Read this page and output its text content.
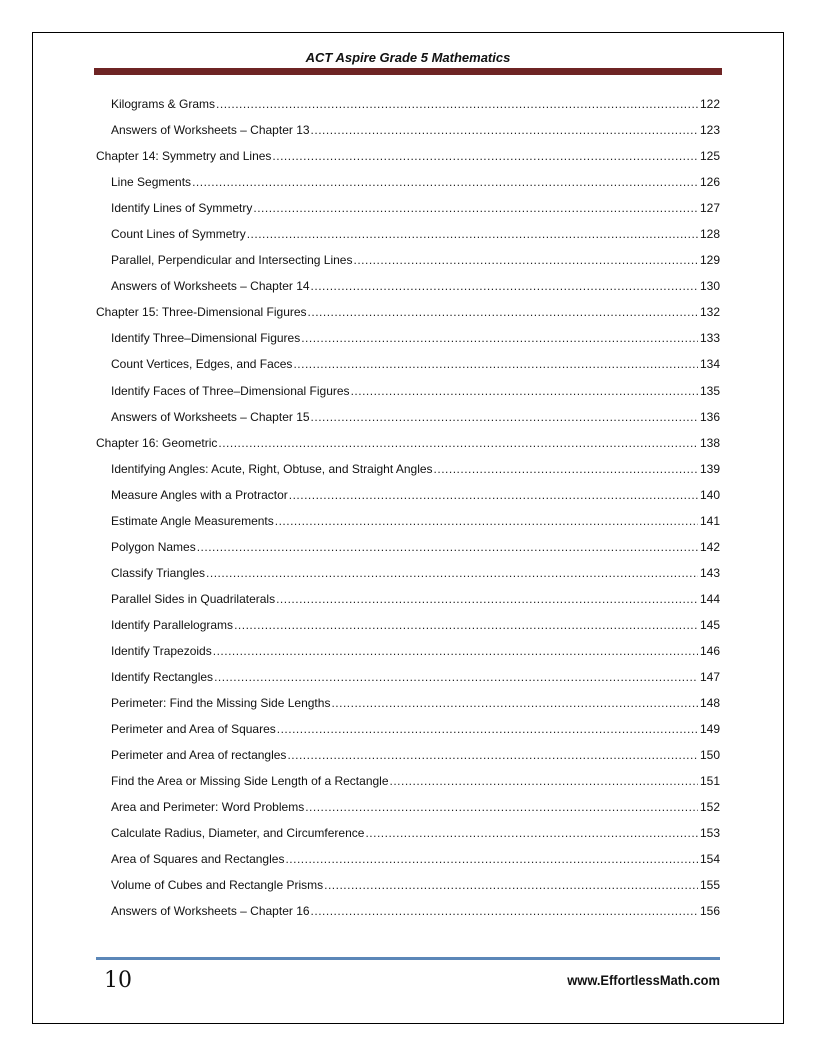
ACT Aspire Grade 5 Mathematics
Kilograms & Grams .....	122
Answers of Worksheets – Chapter 13 .....	123
Chapter 14: Symmetry and Lines .....	125
Line Segments .....	126
Identify Lines of Symmetry .....	127
Count Lines of Symmetry .....	128
Parallel, Perpendicular and Intersecting Lines .....	129
Answers of Worksheets – Chapter 14 .....	130
Chapter 15: Three-Dimensional Figures .....	132
Identify Three–Dimensional Figures .....	133
Count Vertices, Edges, and Faces .....	134
Identify Faces of Three–Dimensional Figures .....	135
Answers of Worksheets – Chapter 15 .....	136
Chapter 16: Geometric .....	138
Identifying Angles: Acute, Right, Obtuse, and Straight Angles .....	139
Measure Angles with a Protractor .....	140
Estimate Angle Measurements .....	141
Polygon Names .....	142
Classify Triangles .....	143
Parallel Sides in Quadrilaterals .....	144
Identify Parallelograms .....	145
Identify Trapezoids .....	146
Identify Rectangles .....	147
Perimeter: Find the Missing Side Lengths .....	148
Perimeter and Area of Squares .....	149
Perimeter and Area of rectangles .....	150
Find the Area or Missing Side Length of a Rectangle .....	151
Area and Perimeter: Word Problems .....	152
Calculate Radius, Diameter, and Circumference .....	153
Area of Squares and Rectangles .....	154
Volume of Cubes and Rectangle Prisms .....	155
Answers of Worksheets – Chapter 16 .....	156
10	www.EffortlessMath.com
